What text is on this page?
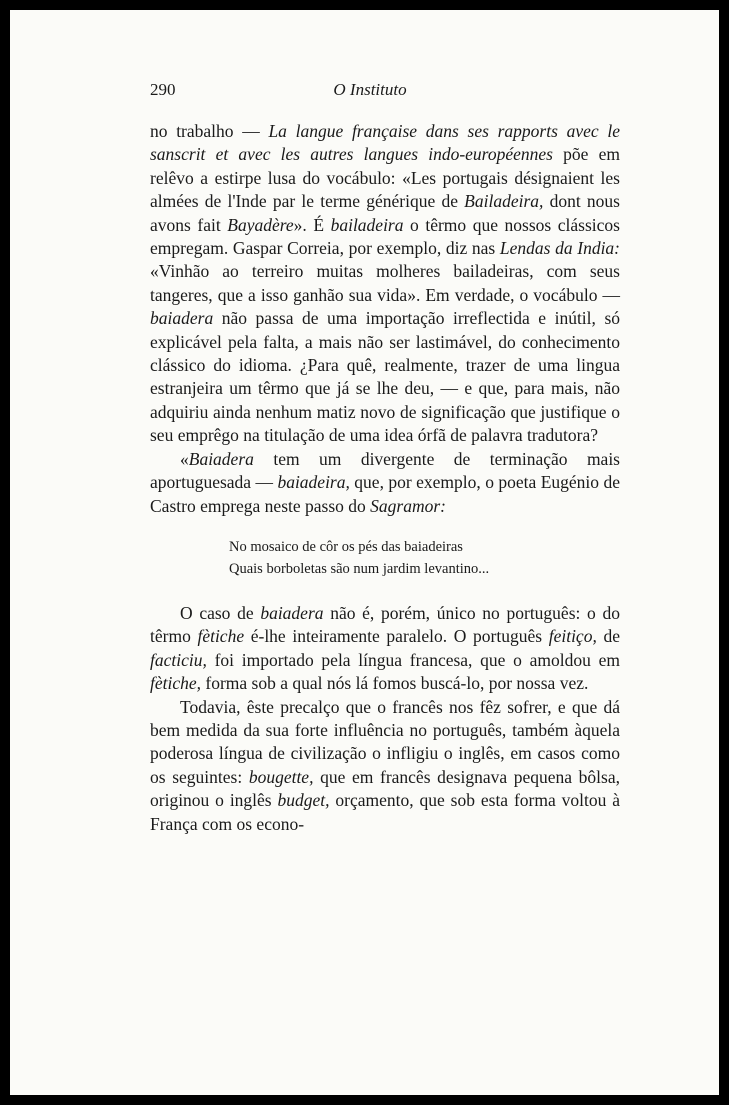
290	O Instituto

no trabalho — La langue française dans ses rapports avec le sanscrit et avec les autres langues indo-européennes põe em relêvo a estirpe lusa do vocábulo: «Les portugais désignaient les almées de l'Inde par le terme générique de Bailadeira, dont nous avons fait Bayadère». É bailadeira o têrmo que nossos clássicos empregam. Gaspar Correia, por exemplo, diz nas Lendas da India: «Vinhão ao terreiro muitas molheres bailadeiras, com seus tangeres, que a isso ganhão sua vida». Em verdade, o vocábulo — baiadera não passa de uma importação irreflectida e inútil, só explicável pela falta, a mais não ser lastimável, do conhecimento clássico do idioma. ¿Para quê, realmente, trazer de uma lingua estranjeira um têrmo que já se lhe deu, — e que, para mais, não adquiriu ainda nenhum matiz novo de significação que justifique o seu emprêgo na titulação de uma idea órfã de palavra tradutora?

«Baiadera tem um divergente de terminação mais aportuguesada — baiadeira, que, por exemplo, o poeta Eugénio de Castro emprega neste passo do Sagramor:

No mosaico de côr os pés das baiadeiras
Quais borboletas são num jardim levantino...

O caso de baiadera não é, porém, único no português: o do têrmo fètiche é-lhe inteiramente paralelo. O português feitiço, de facticiu, foi importado pela língua francesa, que o amoldou em fètiche, forma sob a qual nós lá fomos buscá-lo, por nossa vez.

Todavia, êste precalço que o francês nos fêz sofrer, e que dá bem medida da sua forte influência no português, também àquela poderosa língua de civilização o infligiu o inglês, em casos como os seguintes: bougette, que em francês designava pequena bôlsa, originou o inglês budget, orçamento, que sob esta forma voltou à França com os econo-
